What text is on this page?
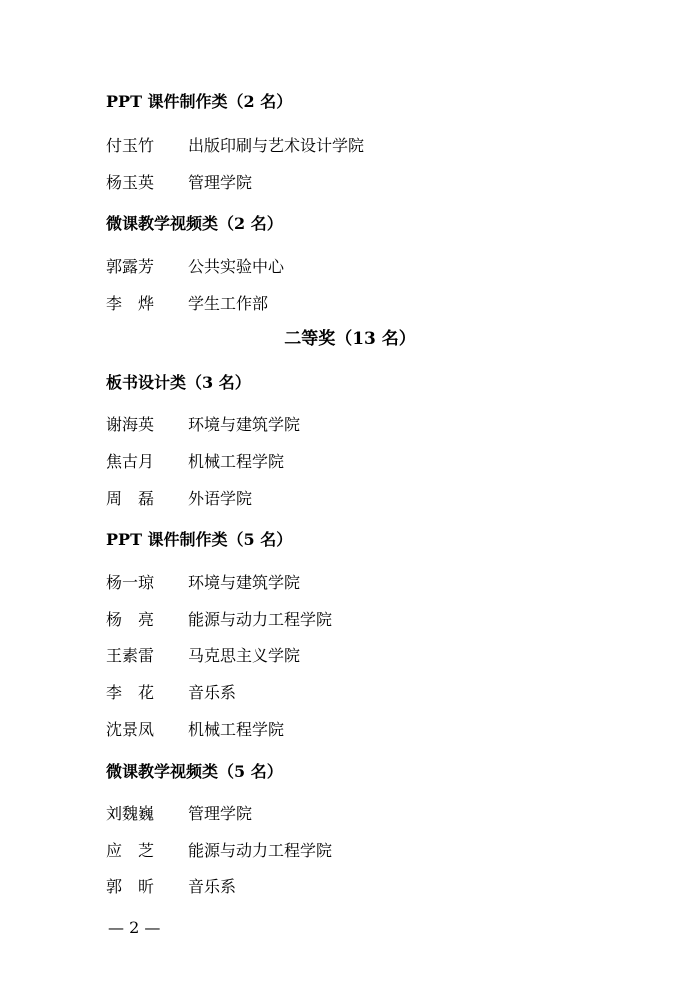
PPT 课件制作类（2 名）
付玉竹 出版印刷与艺术设计学院
杨玉英 管理学院
微课教学视频类（2 名）
郭露芳 公共实验中心
李　烨 学生工作部
二等奖（13 名）
板书设计类（3 名）
谢海英 环境与建筑学院
焦古月 机械工程学院
周　磊 外语学院
PPT 课件制作类（5 名）
杨一琼 环境与建筑学院
杨　亮 能源与动力工程学院
王素雷 马克思主义学院
李　花 音乐系
沈景凤 机械工程学院
微课教学视频类（5 名）
刘魏巍 管理学院
应　芝 能源与动力工程学院
郭　昕 音乐系
— 2 —
